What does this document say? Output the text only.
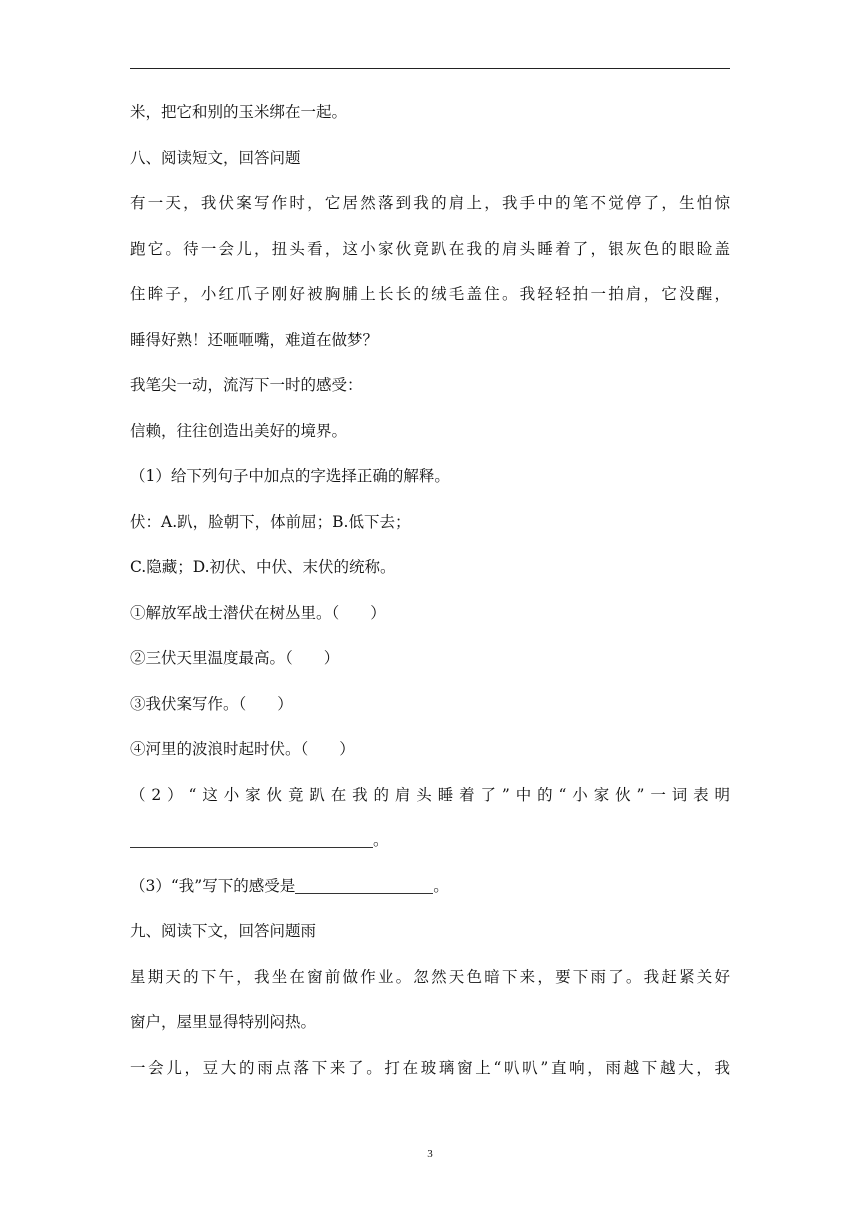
米，把它和别的玉米绑在一起。
八、阅读短文，回答问题
有一天，我伏案写作时，它居然落到我的肩上，我手中的笔不觉停了，生怕惊
跑它。待一会儿，扭头看，这小家伙竟趴在我的肩头睡着了，银灰色的眼睑盖
住眸子，小红爪子刚好被胸脯上长长的绒毛盖住。我轻轻拍一拍肩，它没醒，
睡得好熟！还咂咂嘴，难道在做梦？
我笔尖一动，流泻下一时的感受：
信赖，往往创造出美好的境界。
（1）给下列句子中加点的字选择正确的解释。
伏：A.趴，脸朝下，体前屈；B.低下去；
C.隐藏；D.初伏、中伏、末伏的统称。
①解放军战士潜伏在树丛里。（　　）
②三伏天里温度最高。（　　）
③我伏案写作。（　　）
④河里的波浪时起时伏。（　　）
（2）“这小家伙竟趴在我的肩头睡着了”中的“小家伙”一词表明
。
（3）“我”写下的感受是	。
九、阅读下文，回答问题雨
星期天的下午，我坐在窗前做作业。忽然天色暗下来，要下雨了。我赶紧关好
窗户，屋里显得特别闷热。
一会儿，豆大的雨点落下来了。打在玻璃窗上“叭叭”直响，雨越下越大，我
3
